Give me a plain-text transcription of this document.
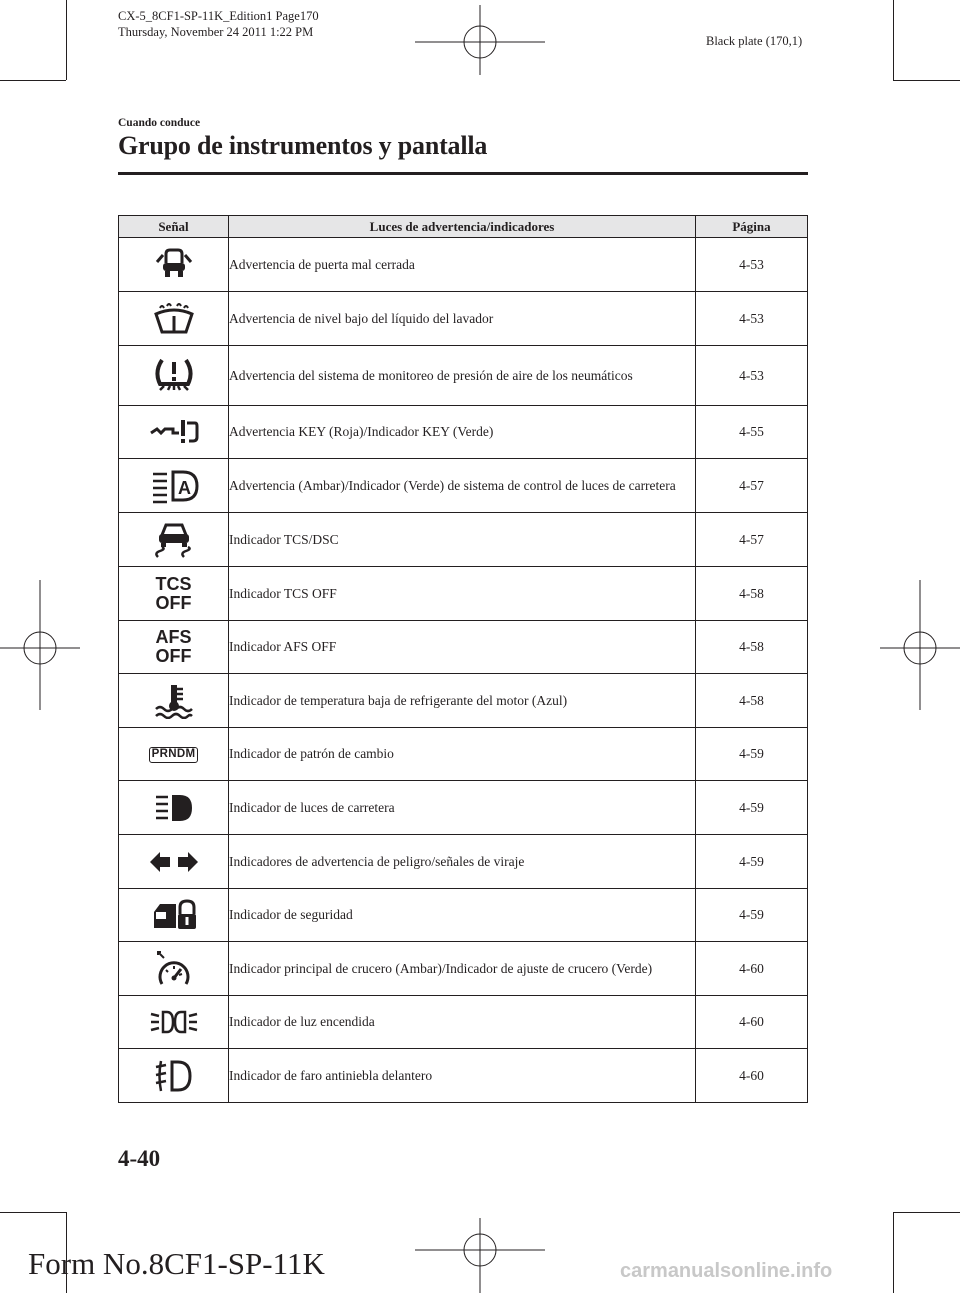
CX-5_8CF1-SP-11K_Edition1 Page170
Thursday, November 24 2011 1:22 PM
Black plate (170,1)
Cuando conduce
Grupo de instrumentos y pantalla
Señal	Luces de advertencia/indicadores	Página
	Advertencia de puerta mal cerrada	4-53
	Advertencia de nivel bajo del líquido del lavador	4-53
	Advertencia del sistema de monitoreo de presión de aire de los neumáticos	4-53
	Advertencia KEY (Roja)/Indicador KEY (Verde)	4-55

A	Advertencia (Ambar)/Indicador (Verde) de sistema de control de luces de carretera	4-57
	Indicador TCS/DSC	4-57
TCS
OFF	Indicador TCS OFF	4-58
AFS
OFF	Indicador AFS OFF	4-58
	Indicador de temperatura baja de refrigerante del motor (Azul)	4-58
PRNDM	Indicador de patrón de cambio	4-59
	Indicador de luces de carretera	4-59
	Indicadores de advertencia de peligro/señales de viraje	4-59
	Indicador de seguridad	4-59
	Indicador principal de crucero (Ambar)/Indicador de ajuste de crucero (Verde)	4-60
	Indicador de luz encendida	4-60
	Indicador de faro antiniebla delantero	4-60
4-40
Form No.8CF1-SP-11K	carmanualsonline.info
